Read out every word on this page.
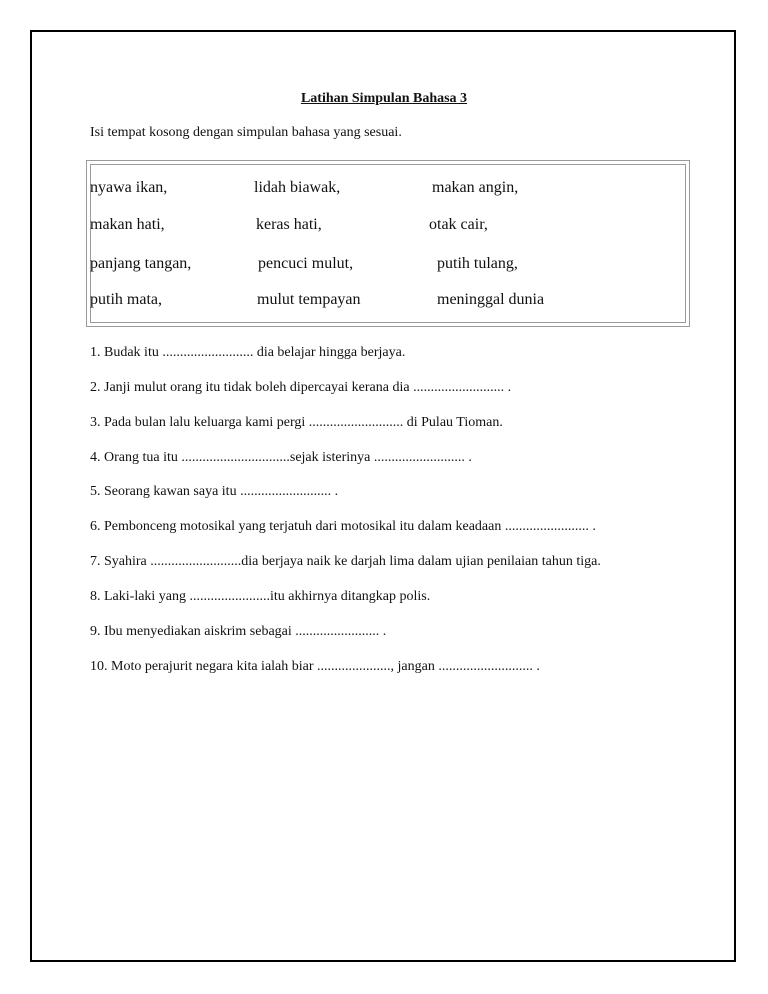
Latihan Simpulan Bahasa 3
Isi tempat kosong dengan simpulan bahasa yang sesuai.
nyawa ikan,	lidah biawak,	makan angin,
makan hati,	keras hati,	otak cair,
panjang tangan,	pencuci mulut,	putih tulang,
putih mata,	mulut tempayan	meninggal dunia
1. Budak itu .......................... dia belajar hingga berjaya.
2. Janji mulut orang itu tidak boleh dipercayai kerana dia .......................... .
3. Pada bulan lalu keluarga kami pergi ........................... di Pulau Tioman.
4. Orang tua itu ...............................sejak isterinya .......................... .
5. Seorang kawan saya itu .......................... .
6. Pembonceng motosikal yang terjatuh dari motosikal itu dalam keadaan ........................ .
7. Syahira ..........................dia berjaya naik ke darjah lima dalam ujian penilaian tahun tiga.
8. Laki-laki yang .......................itu akhirnya ditangkap polis.
9. Ibu menyediakan aiskrim sebagai ........................ .
10. Moto perajurit negara kita ialah biar ....................., jangan ........................... .
